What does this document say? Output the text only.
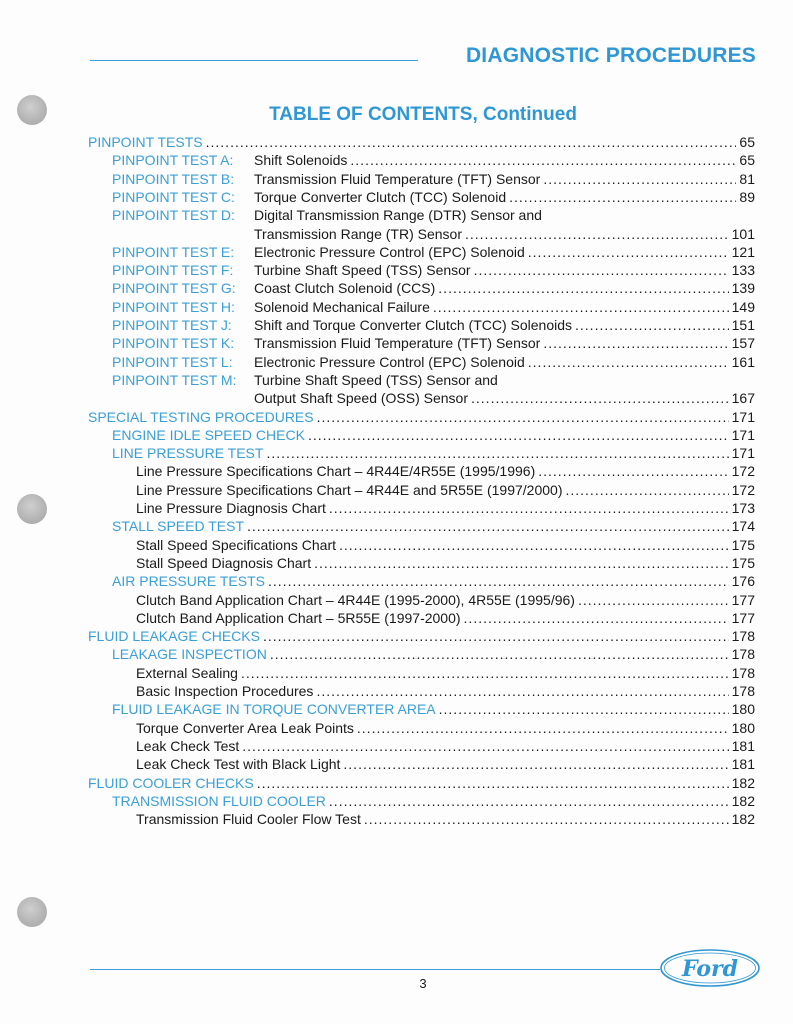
DIAGNOSTIC PROCEDURES
TABLE OF CONTENTS, Continued
PINPOINT TESTS .....	65
PINPOINT TEST A:	Shift Solenoids .....	65
PINPOINT TEST B:	Transmission Fluid Temperature (TFT) Sensor .....	81
PINPOINT TEST C:	Torque Converter Clutch (TCC) Solenoid .....	89
PINPOINT TEST D:	Digital Transmission Range (DTR) Sensor and
Transmission Range (TR) Sensor .....	101
PINPOINT TEST E:	Electronic Pressure Control (EPC) Solenoid .....	121
PINPOINT TEST F:	Turbine Shaft Speed (TSS) Sensor .....	133
PINPOINT TEST G:	Coast Clutch Solenoid (CCS) .....	139
PINPOINT TEST H:	Solenoid Mechanical Failure .....	149
PINPOINT TEST J:	Shift and Torque Converter Clutch (TCC) Solenoids .....	151
PINPOINT TEST K:	Transmission Fluid Temperature (TFT) Sensor .....	157
PINPOINT TEST L:	Electronic Pressure Control (EPC) Solenoid .....	161
PINPOINT TEST M:	Turbine Shaft Speed (TSS) Sensor and
Output Shaft Speed (OSS) Sensor .....	167
SPECIAL TESTING PROCEDURES .....	171
ENGINE IDLE SPEED CHECK .....	171
LINE PRESSURE TEST .....	171
Line Pressure Specifications Chart – 4R44E/4R55E (1995/1996) .....	172
Line Pressure Specifications Chart – 4R44E and 5R55E (1997/2000) .....	172
Line Pressure Diagnosis Chart .....	173
STALL SPEED TEST .....	174
Stall Speed Specifications Chart .....	175
Stall Speed Diagnosis Chart .....	175
AIR PRESSURE TESTS .....	176
Clutch Band Application Chart – 4R44E (1995-2000), 4R55E (1995/96) .....	177
Clutch Band Application Chart – 5R55E (1997-2000) .....	177
FLUID LEAKAGE CHECKS .....	178
LEAKAGE INSPECTION .....	178
External Sealing .....	178
Basic Inspection Procedures .....	178
FLUID LEAKAGE IN TORQUE CONVERTER AREA .....	180
Torque Converter Area Leak Points .....	180
Leak Check Test .....	181
Leak Check Test with Black Light .....	181
FLUID COOLER CHECKS .....	182
TRANSMISSION FLUID COOLER .....	182
Transmission Fluid Cooler Flow Test .....	182
3
Ford
